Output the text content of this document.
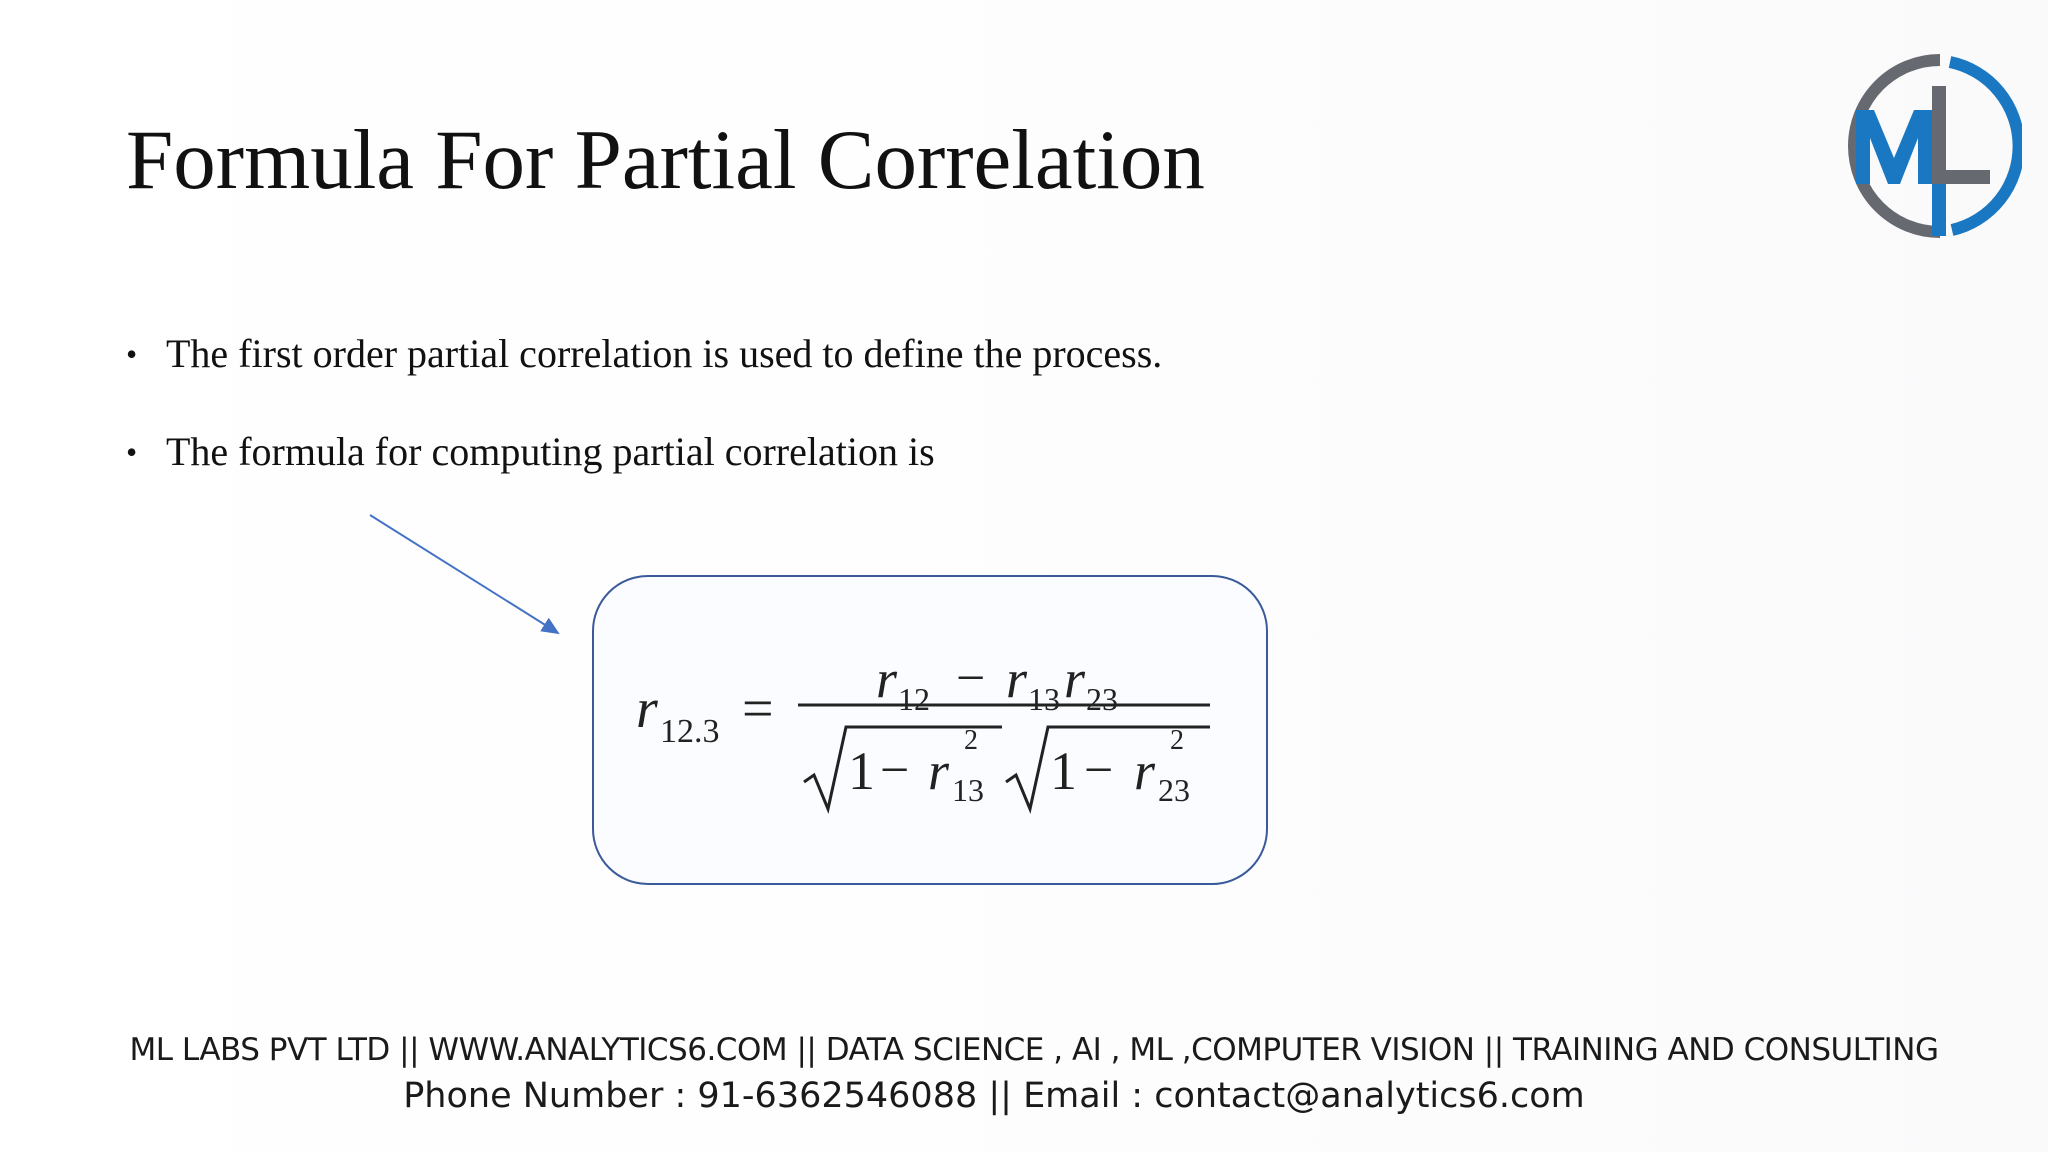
Formula For Partial Correlation
• The first order partial correlation is used to define the process.
• The formula for computing partial correlation is
r 12.3 = r 12 − r 13 r 23
1 − r 13
2
1 − r 23
2
ML LABS PVT LTD || WWW.ANALYTICS6.COM || DATA SCIENCE , AI , ML ,COMPUTER VISION || TRAINING AND CONSULTING
Phone Number : 91-6362546088 || Email : contact@analytics6.com
